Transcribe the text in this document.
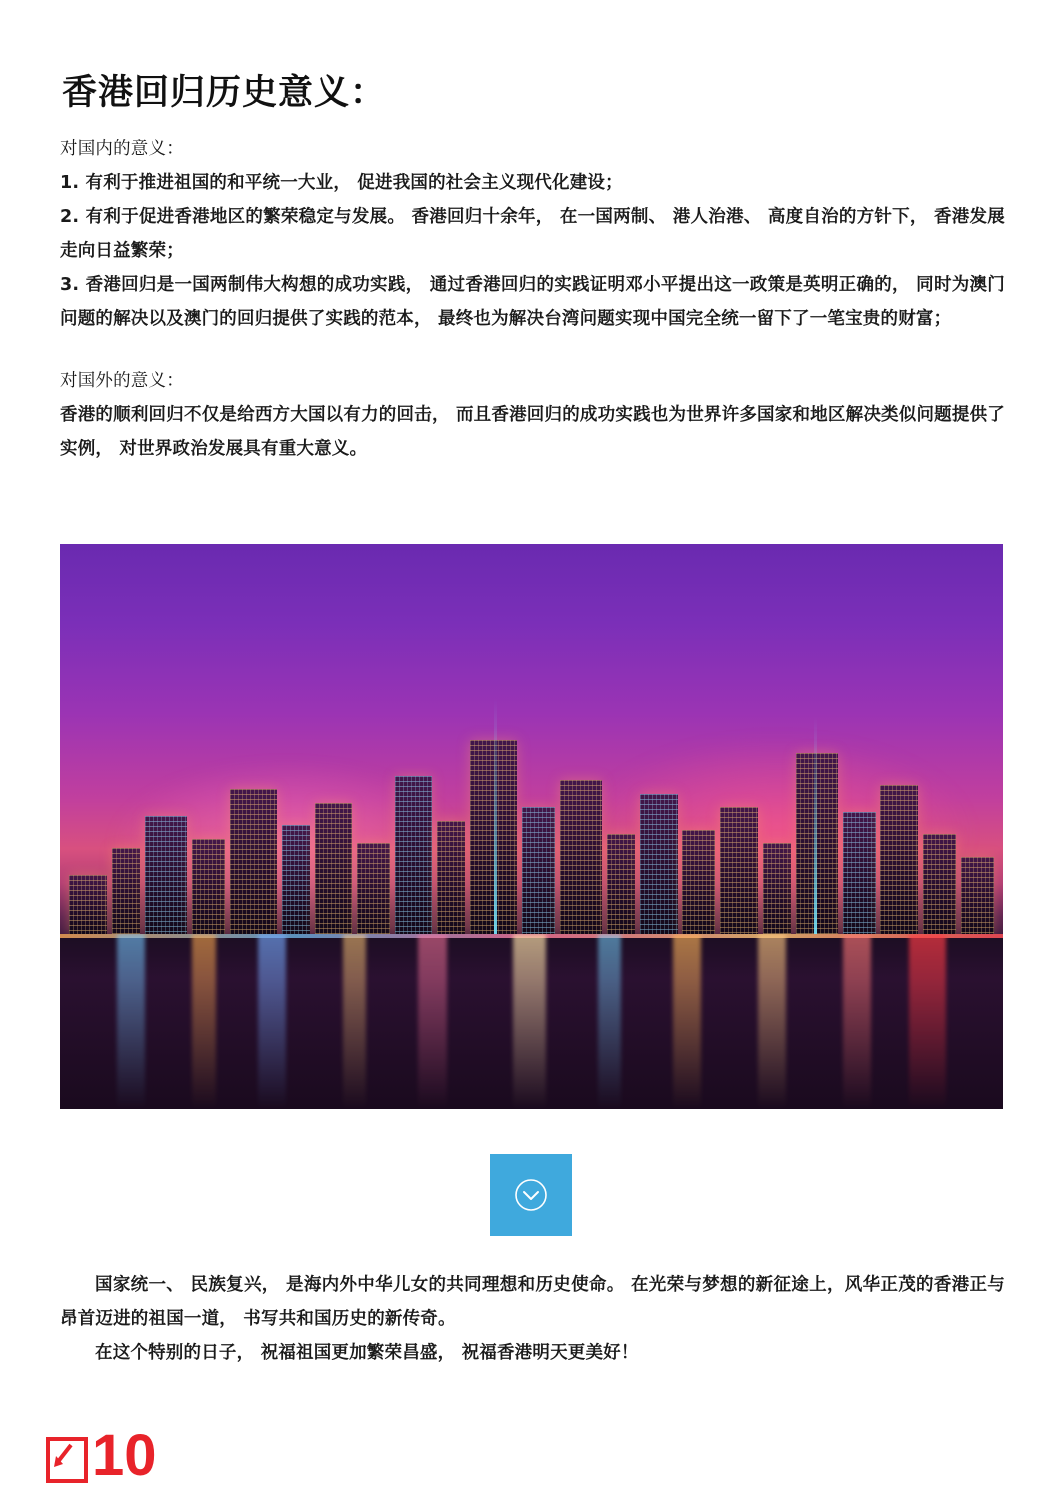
香港回归历史意义：

对国内的意义：

1. 有利于推进祖国的和平统一大业， 促进我国的社会主义现代化建设；

2. 有利于促进香港地区的繁荣稳定与发展。 香港回归十余年， 在一国两制、 港人治港、 高度自治的方针下， 香港发展走向日益繁荣；

3. 香港回归是一国两制伟大构想的成功实践， 通过香港回归的实践证明邓小平提出这一政策是英明正确的， 同时为澳门问题的解决以及澳门的回归提供了实践的范本， 最终也为解决台湾问题实现中国完全统一留下了一笔宝贵的财富；

对国外的意义：

香港的顺利回归不仅是给西方大国以有力的回击， 而且香港回归的成功实践也为世界许多国家和地区解决类似问题提供了实例， 对世界政治发展具有重大意义。

国家统一、 民族复兴， 是海内外中华儿女的共同理想和历史使命。 在光荣与梦想的新征途上，风华正茂的香港正与昂首迈进的祖国一道， 书写共和国历史的新传奇。

在这个特别的日子， 祝福祖国更加繁荣昌盛， 祝福香港明天更美好！

10
